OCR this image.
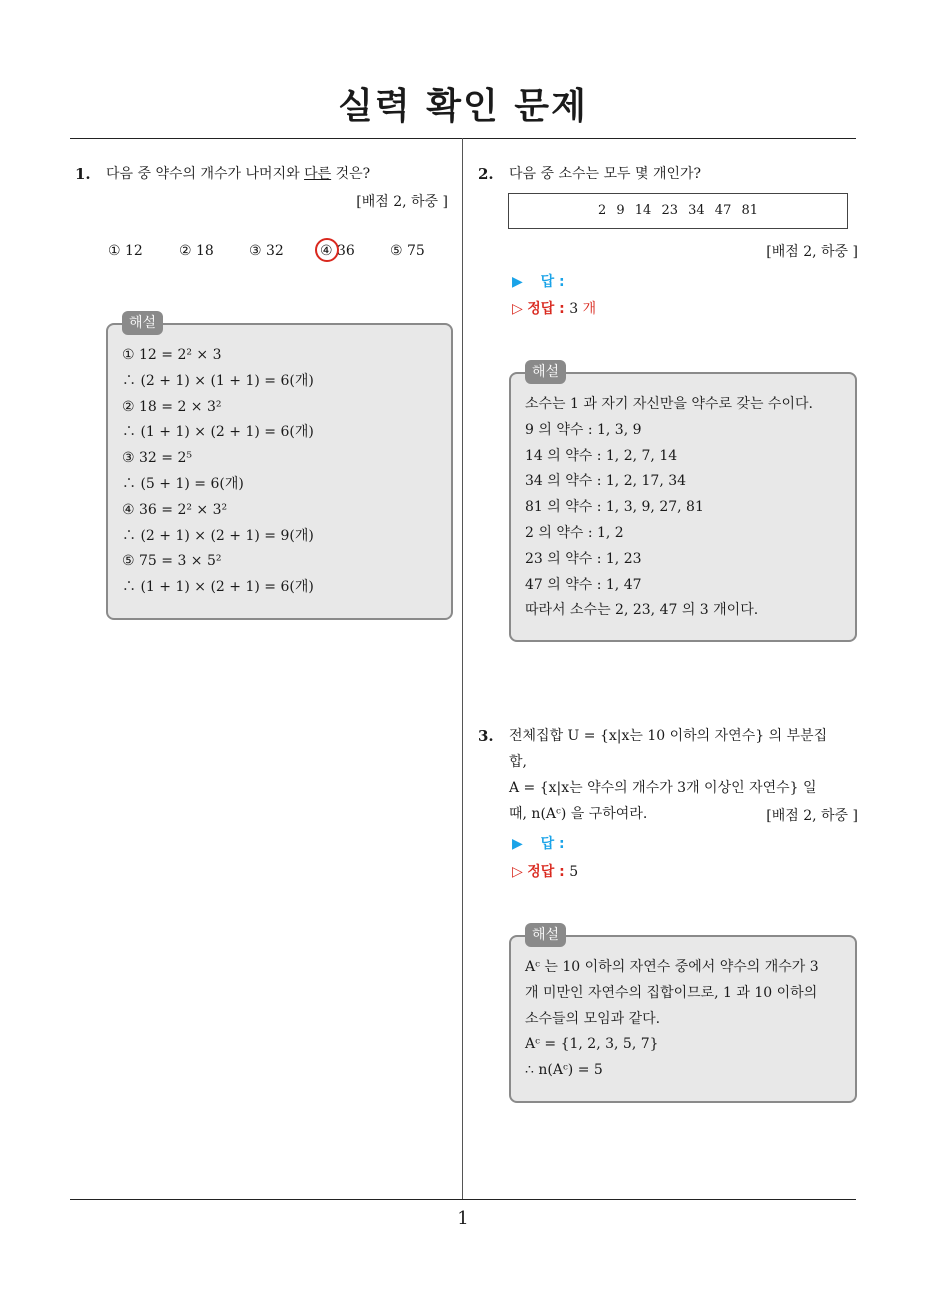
실력 확인 문제
1. 다음 중 약수의 개수가 나머지와 다른 것은?
[배점 2, 하중 ]
① 12	② 18	③ 32	④ 36	⑤ 75
해설
① 12 = 2² × 3
∴ (2 + 1) × (1 + 1) = 6(개)
② 18 = 2 × 3²
∴ (1 + 1) × (2 + 1) = 6(개)
③ 32 = 2⁵
∴ (5 + 1) = 6(개)
④ 36 = 2² × 3²
∴ (2 + 1) × (2 + 1) = 9(개)
⑤ 75 = 3 × 5²
∴ (1 + 1) × (2 + 1) = 6(개)
2. 다음 중 소수는 모두 몇 개인가?
2 9 14 23 34 47 81
[배점 2, 하중 ]
▶ 답 :
▷ 정답 : 3 개
해설
소수는 1 과 자기 자신만을 약수로 갖는 수이다.
9 의 약수 : 1, 3, 9
14 의 약수 : 1, 2, 7, 14
34 의 약수 : 1, 2, 17, 34
81 의 약수 : 1, 3, 9, 27, 81
2 의 약수 : 1, 2
23 의 약수 : 1, 23
47 의 약수 : 1, 47
따라서 소수는 2, 23, 47 의 3 개이다.
3. 전체집합 U = {x|x는 10 이하의 자연수} 의 부분집
합,
A = {x|x는 약수의 개수가 3개 이상인 자연수} 일
때, n(Aᶜ) 을 구하여라.	[배점 2, 하중 ]
▶ 답 :
▷ 정답 : 5
해설
Aᶜ 는 10 이하의 자연수 중에서 약수의 개수가 3
개 미만인 자연수의 집합이므로, 1 과 10 이하의
소수들의 모임과 같다.
Aᶜ = {1, 2, 3, 5, 7}
∴ n(Aᶜ) = 5
1
